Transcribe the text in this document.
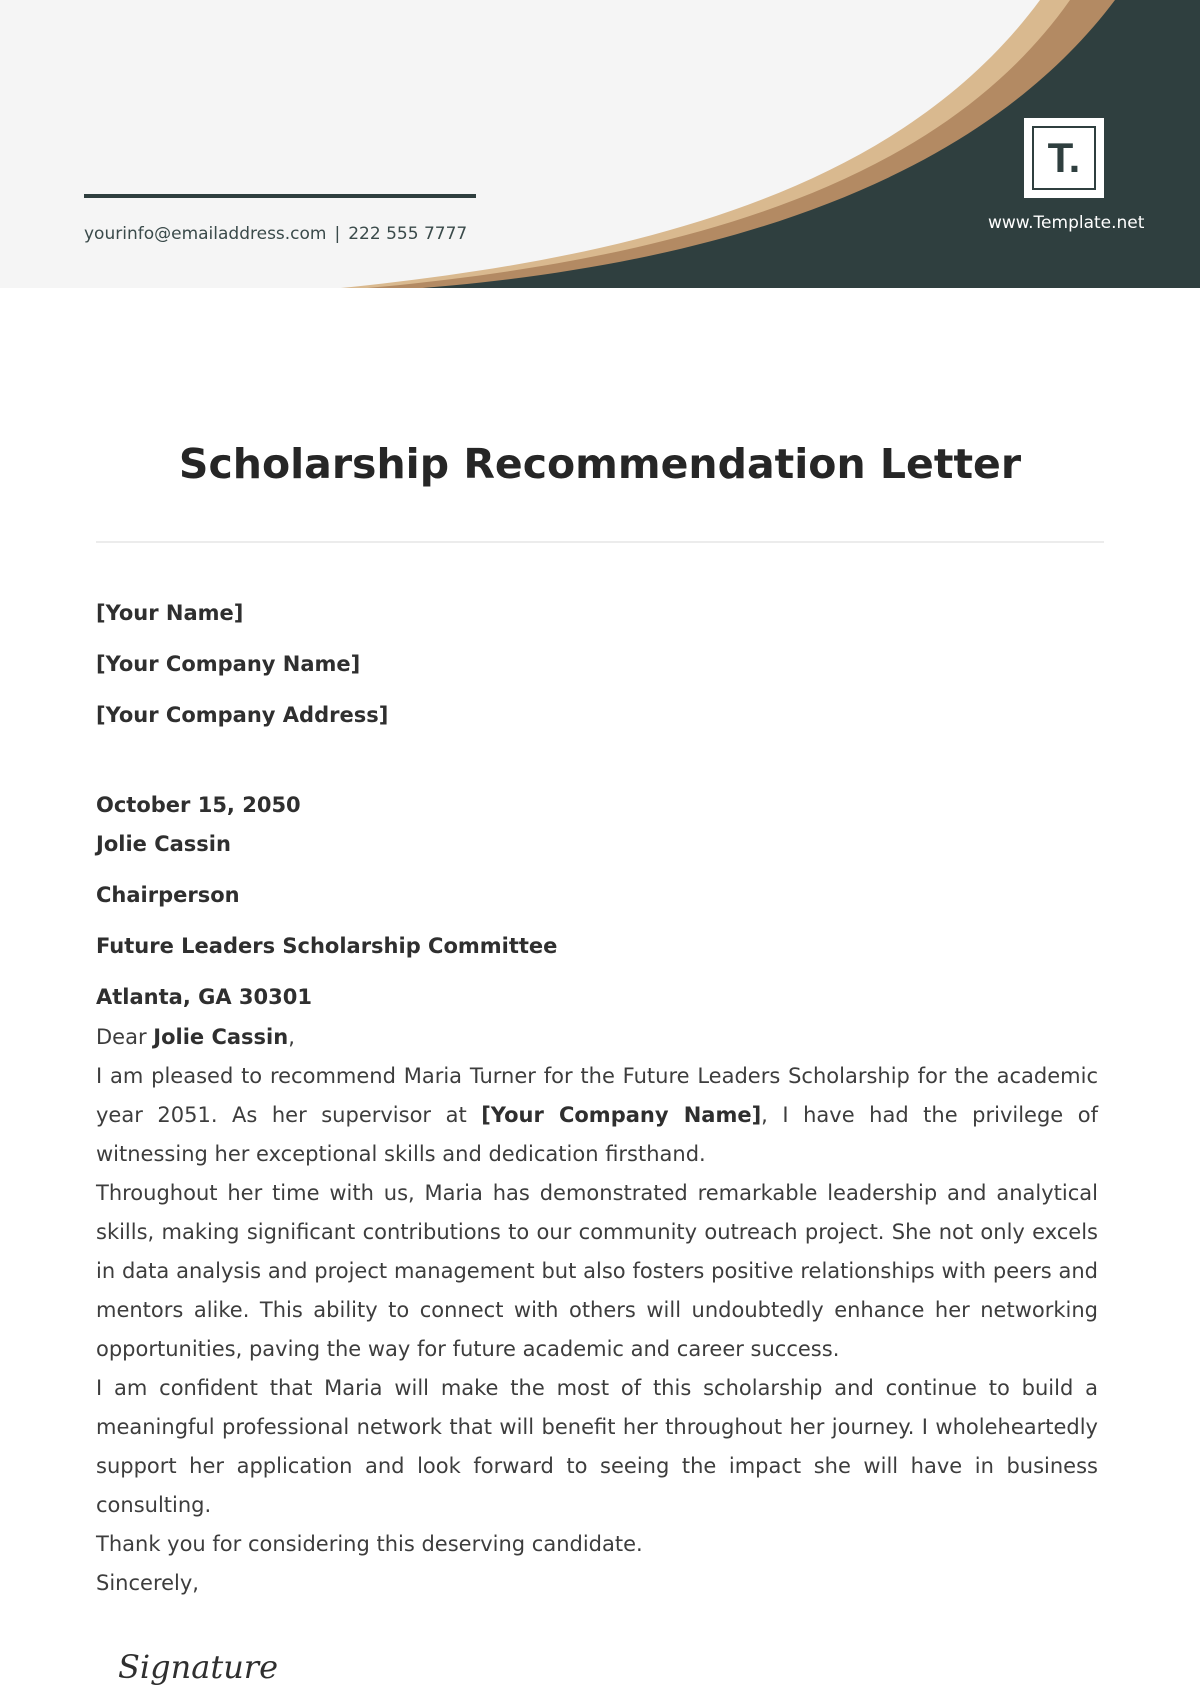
yourinfo@emailaddress.com | 222 555 7777
T.
www.Template.net
Scholarship Recommendation Letter
[Your Name]
[Your Company Name]
[Your Company Address]
October 15, 2050
Jolie Cassin
Chairperson
Future Leaders Scholarship Committee
Atlanta, GA 30301

Dear Jolie Cassin,

I am pleased to recommend Maria Turner for the Future Leaders Scholarship for the academic year 2051. As her supervisor at [Your Company Name], I have had the privilege of witnessing her exceptional skills and dedication firsthand.

Throughout her time with us, Maria has demonstrated remarkable leadership and analytical skills, making significant contributions to our community outreach project. She not only excels in data analysis and project management but also fosters positive relationships with peers and mentors alike. This ability to connect with others will undoubtedly enhance her networking opportunities, paving the way for future academic and career success.

I am confident that Maria will make the most of this scholarship and continue to build a meaningful professional network that will benefit her throughout her journey. I wholeheartedly support her application and look forward to seeing the impact she will have in business consulting.

Thank you for considering this deserving candidate.

Sincerely,

Signature
